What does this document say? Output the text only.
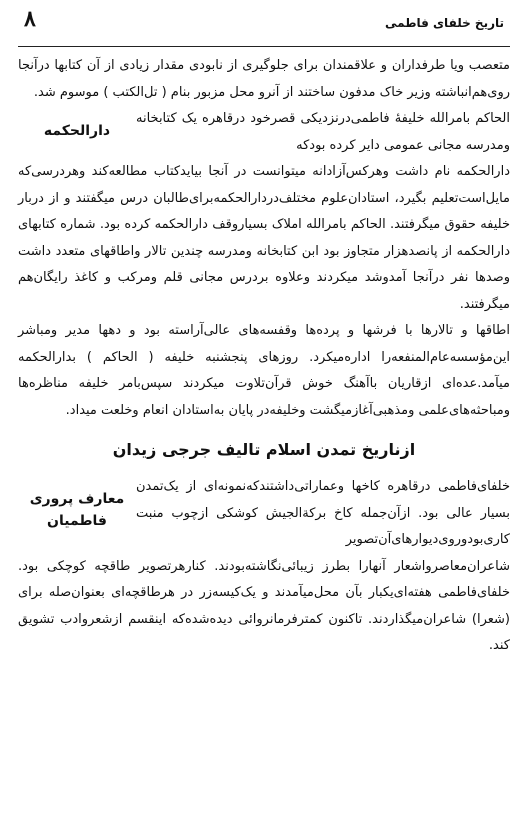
۸	تاریخ خلفای فاطمی

متعصب ویا طرفداران و علاقمندان برای جلوگیری از نابودی مقدار زیادی از آن کتابها درآنجا روی‌هم‌انباشته وزیر خاک مدفون ساختند از آنرو محل مزبور بنام ( تل‌الکتب ) موسوم شد.

دارالحکمه

الحاکم بامرالله خلیفهٔ فاطمی‌درنزدیکی قصرخود درقاهره یک کتابخانه ومدرسه مجانی عمومی دایر کرده بودکه

دارالحکمه نام داشت وهرکس‌آزادانه میتوانست در آنجا بیاید‌کتاب مطالعه‌کند وهردرسی‌که مایل‌است‌تعلیم بگیرد، استادان‌علوم مختلف‌دردارالحکمه‌برای‌طالبان درس میگفتند و از دربار خلیفه حقوق میگرفتند. الحاکم بامرالله املاک بسیاروقف دارالحکمه کرده بود. شماره کتابهای دارالحکمه از پانصدهزار متجاوز بود ابن کتابخانه ومدرسه چندین تالار واطاقهای متعدد داشت وصدها نفر درآنجا آمدوشد میکردند وعلاوه بردرس مجانی قلم ومرکب و کاغذ رایگان‌هم میگرفتند.

اطاقها و تالارها با فرشها و پرده‌ها وقفسه‌های عالی‌آراسته بود و دهها مدیر ومباشر این‌مؤسسه‌عام‌المنفعه‌را اداره‌میکرد. روزهای پنجشنبه خلیفه ( الحاکم ) بدارالحکمه میآمد.عده‌ای ازقاریان باآهنگ خوش قرآن‌تلاوت میکردند سپس‌بامر خلیفه مناظره‌ها ومباحثه‌های‌علمی ومذهبی‌آغازمیگشت وخلیفه‌در پایان به‌استادان انعام وخلعت میداد.

از‌ناریخ تمدن اسلام تالیف جرجی زیدان
معارف پروری
فاطمیان

خلفای‌فاطمی درقاهره کاخها وعماراتی‌داشتند‌که‌نمونه‌ای از یک‌تمدن بسیار عالی بود. ازآن‌جمله کاخ برکةالجیش کوشکی ازچوب منبت کاری‌بودوروی‌دیوارهای‌آن‌تصویر

شاعران‌معاصرواشعار آنهارا بطرز زیبائی‌نگاشته‌بودند. کنارهرتصویر طاقچه کوچکی بود. خلفای‌فاطمی هفته‌ای‌یکبار بآن محل‌میآمدند و یک‌کیسه‌زر در هرطاقچه‌ای بعنوان‌صله برای (شعرا) شاعران‌میگذاردند. تاکنون کمترفرمانروائی دیده‌شده‌که اینقسم ازشعروادب تشویق کند.
